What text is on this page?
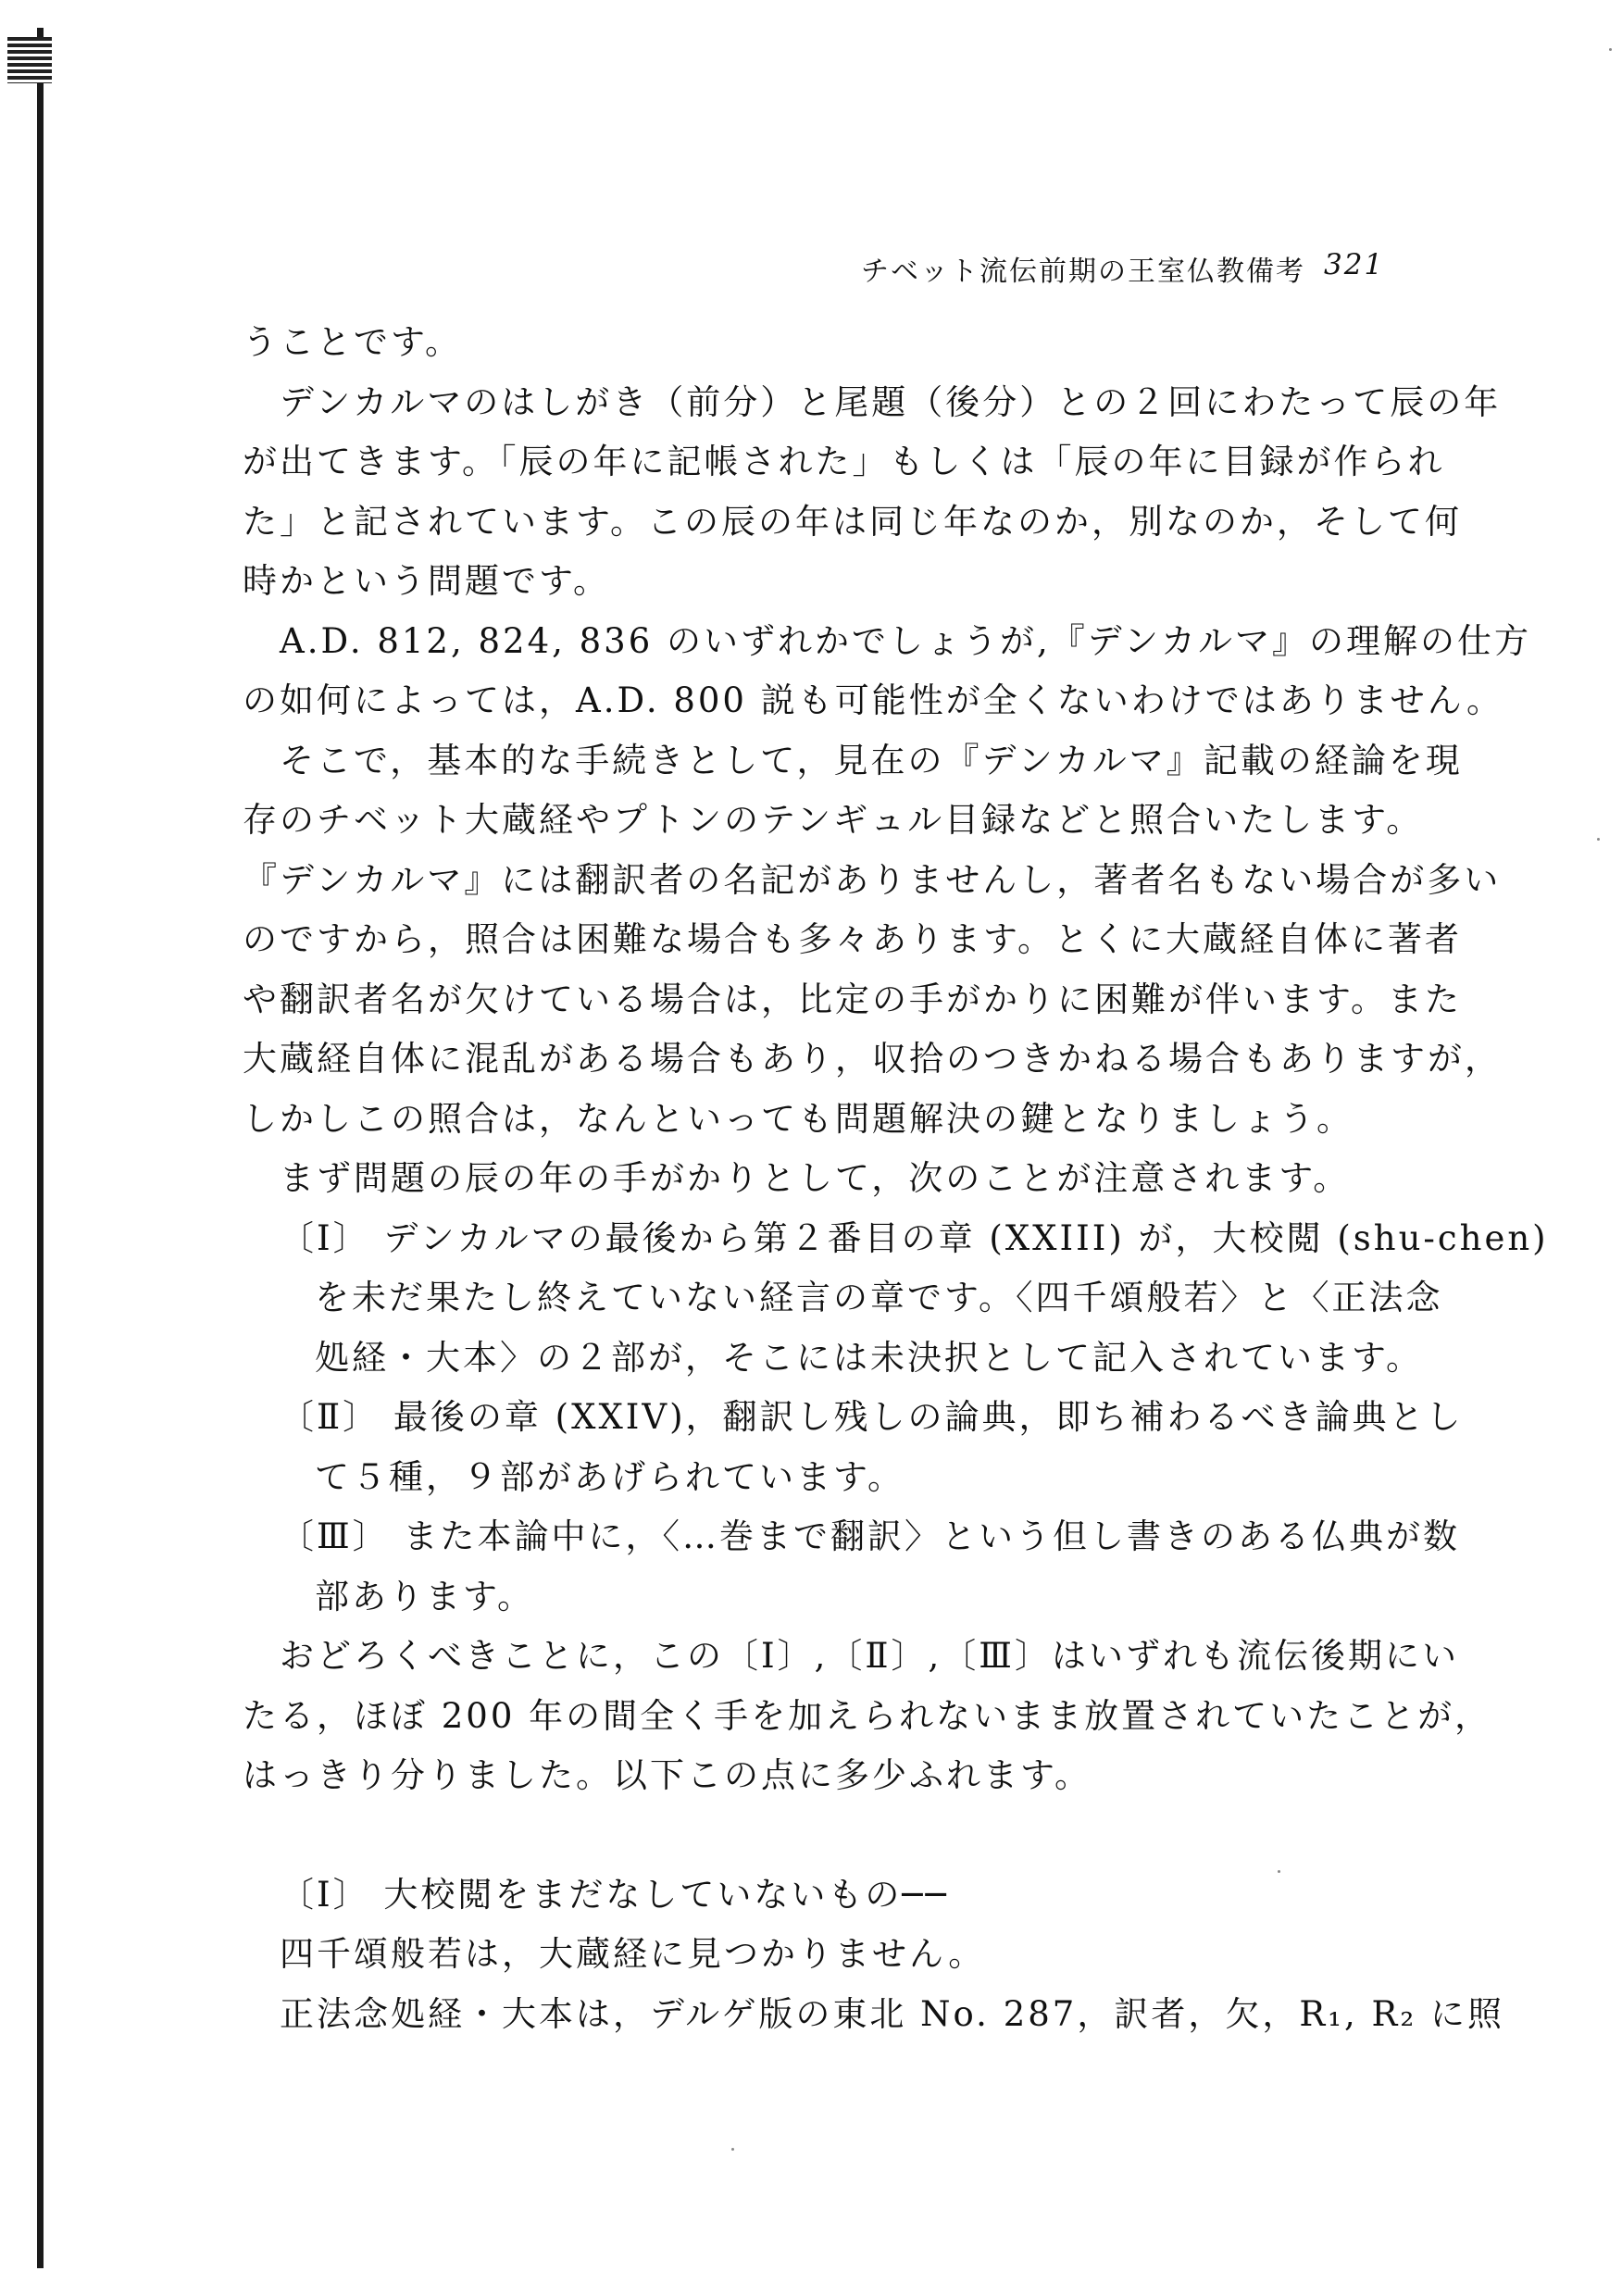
チベット流伝前期の王室仏教備考 321
うことです。
デンカルマのはしがき（前分）と尾題（後分）との２回にわたって辰の年
が出てきます。「辰の年に記帳された」もしくは「辰の年に目録が作られ
た」と記されています。この辰の年は同じ年なのか，別なのか，そして何
時かという問題です。
A.D. 812, 824, 836 のいずれかでしょうが,『デンカルマ』の理解の仕方
の如何によっては，A.D. 800 説も可能性が全くないわけではありません。
そこで，基本的な手続きとして，見在の『デンカルマ』記載の経論を現
存のチベット大蔵経やプトンのテンギュル目録などと照合いたします。
『デンカルマ』には翻訳者の名記がありませんし，著者名もない場合が多い
のですから，照合は困難な場合も多々あります。とくに大蔵経自体に著者
や翻訳者名が欠けている場合は，比定の手がかりに困難が伴います。また
大蔵経自体に混乱がある場合もあり，収拾のつきかねる場合もありますが，
しかしこの照合は，なんといっても問題解決の鍵となりましょう。
まず問題の辰の年の手がかりとして，次のことが注意されます。
〔Ⅰ〕 デンカルマの最後から第２番目の章 (XXIII) が，大校閲 (shu-chen)
を未だ果たし終えていない経言の章です。〈四千頌般若〉と〈正法念
処経・大本〉の２部が，そこには未決択として記入されています。
〔Ⅱ〕 最後の章 (XXIV)，翻訳し残しの論典，即ち補わるべき論典とし
て５種，９部があげられています。
〔Ⅲ〕 また本論中に，〈…巻まで翻訳〉という但し書きのある仏典が数
部あります。
おどろくべきことに，この〔Ⅰ〕,〔Ⅱ〕,〔Ⅲ〕はいずれも流伝後期にい
たる，ほぼ 200 年の間全く手を加えられないまま放置されていたことが，
はっきり分りました。以下この点に多少ふれます。
〔Ⅰ〕 大校閲をまだなしていないもの──
四千頌般若は，大蔵経に見つかりません。
正法念処経・大本は，デルゲ版の東北 No. 287，訳者，欠，R₁, R₂ に照
